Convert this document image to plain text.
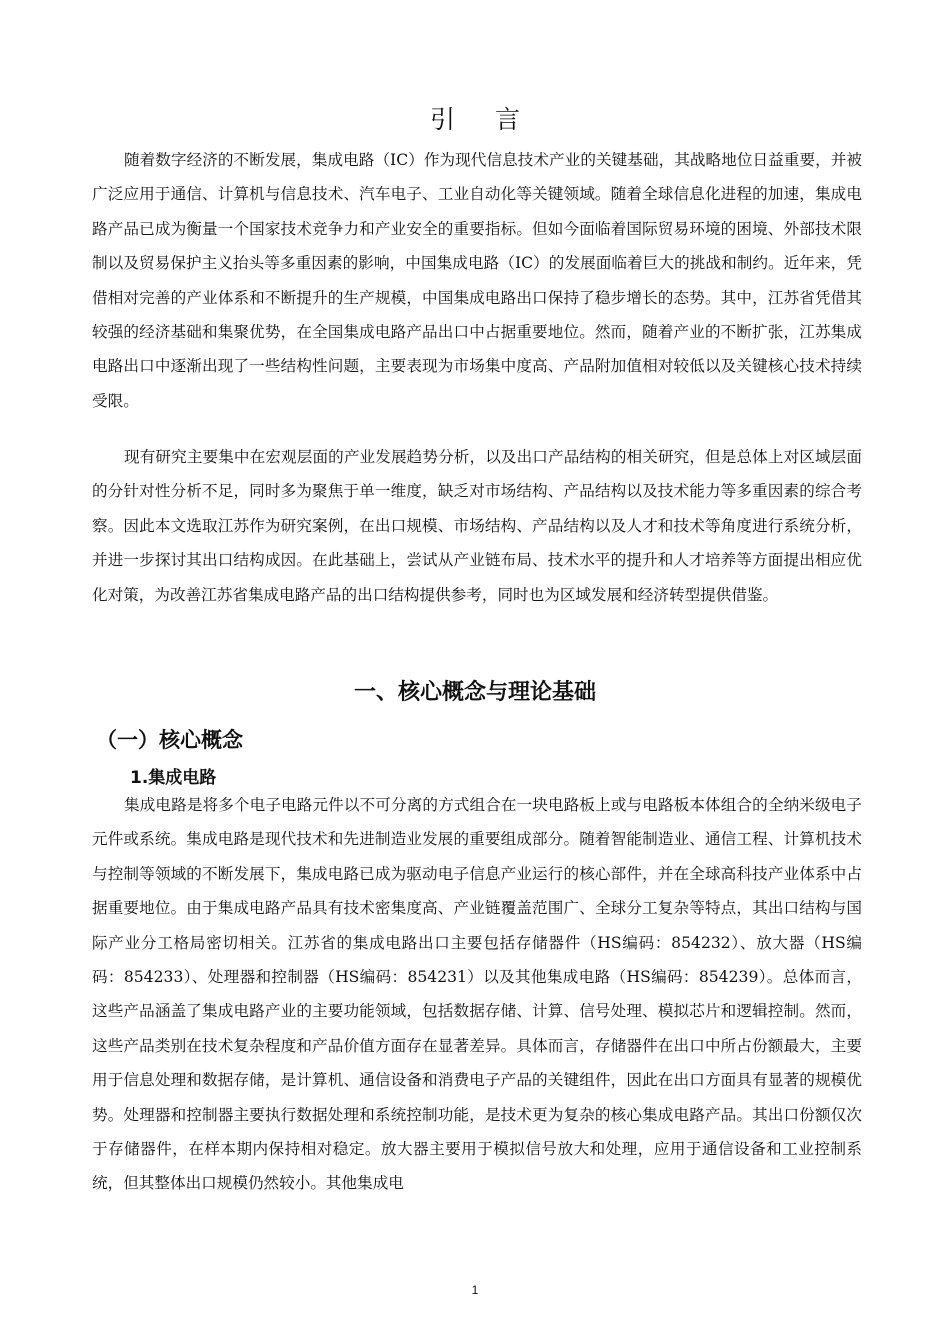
引言

随着数字经济的不断发展，集成电路（IC）作为现代信息技术产业的关键基础，其战略地位日益重要，并被广泛应用于通信、计算机与信息技术、汽车电子、工业自动化等关键领域。随着全球信息化进程的加速，集成电路产品已成为衡量一个国家技术竞争力和产业安全的重要指标。但如今面临着国际贸易环境的困境、外部技术限制以及贸易保护主义抬头等多重因素的影响，中国集成电路（IC）的发展面临着巨大的挑战和制约。近年来，凭借相对完善的产业体系和不断提升的生产规模，中国集成电路出口保持了稳步增长的态势。其中，江苏省凭借其较强的经济基础和集聚优势，在全国集成电路产品出口中占据重要地位。然而，随着产业的不断扩张，江苏集成电路出口中逐渐出现了一些结构性问题，主要表现为市场集中度高、产品附加值相对较低以及关键核心技术持续受限。

现有研究主要集中在宏观层面的产业发展趋势分析，以及出口产品结构的相关研究，但是总体上对区域层面的分针对性分析不足，同时多为聚焦于单一维度，缺乏对市场结构、产品结构以及技术能力等多重因素的综合考察。因此本文选取江苏作为研究案例，在出口规模、市场结构、产品结构以及人才和技术等角度进行系统分析，并进一步探讨其出口结构成因。在此基础上，尝试从产业链布局、技术水平的提升和人才培养等方面提出相应优化对策，为改善江苏省集成电路产品的出口结构提供参考，同时也为区域发展和经济转型提供借鉴。

一、核心概念与理论基础
（一）核心概念
1.集成电路

集成电路是将多个电子电路元件以不可分离的方式组合在一块电路板上或与电路板本体组合的全纳米级电子元件或系统。集成电路是现代技术和先进制造业发展的重要组成部分。随着智能制造业、通信工程、计算机技术与控制等领域的不断发展下，集成电路已成为驱动电子信息产业运行的核心部件，并在全球高科技产业体系中占据重要地位。由于集成电路产品具有技术密集度高、产业链覆盖范围广、全球分工复杂等特点，其出口结构与国际产业分工格局密切相关。江苏省的集成电路出口主要包括存储器件（HS编码：854232）、放大器（HS编码：854233）、处理器和控制器（HS编码：854231）以及其他集成电路（HS编码：854239）。总体而言，这些产品涵盖了集成电路产业的主要功能领域，包括数据存储、计算、信号处理、模拟芯片和逻辑控制。然而，这些产品类别在技术复杂程度和产品价值方面存在显著差异。具体而言，存储器件在出口中所占份额最大，主要用于信息处理和数据存储，是计算机、通信设备和消费电子产品的关键组件，因此在出口方面具有显著的规模优势。处理器和控制器主要执行数据处理和系统控制功能，是技术更为复杂的核心集成电路产品。其出口份额仅次于存储器件，在样本期内保持相对稳定。放大器主要用于模拟信号放大和处理，应用于通信设备和工业控制系统，但其整体出口规模仍然较小。其他集成电

1
